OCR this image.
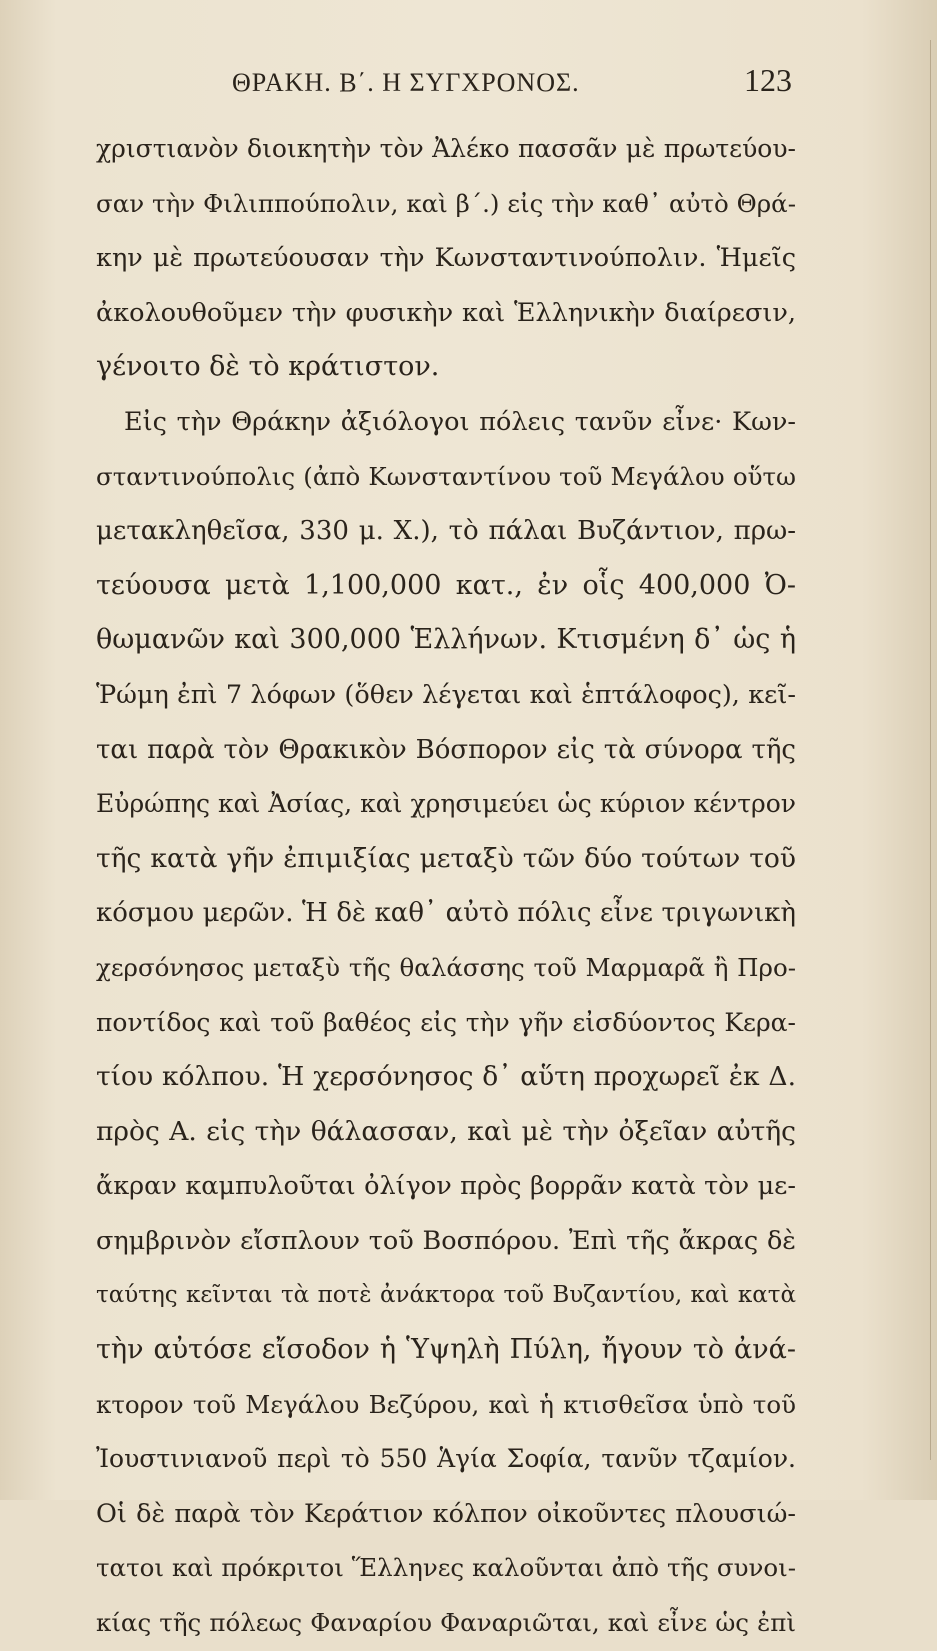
ΘΡΑΚΗ. Β΄. Η ΣΥΓΧΡΟΝΟΣ.	123
χριστιανὸν διοικητὴν τὸν Ἀλέκο πασσᾶν μὲ πρωτεύου-
σαν τὴν Φιλιππούπολιν, καὶ β΄.) εἰς τὴν καθ᾽ αὐτὸ Θρά-
κην μὲ πρωτεύουσαν τὴν Κωνσταντινούπολιν. Ἡμεῖς
ἀκολουθοῦμεν τὴν φυσικὴν καὶ Ἑλληνικὴν διαίρεσιν,
γένοιτο δὲ τὸ κράτιστον.
Εἰς τὴν Θράκην ἀξιόλογοι πόλεις τανῦν εἶνε· Κων-
σταντινούπολις (ἀπὸ Κωνσταντίνου τοῦ Μεγάλου οὕτω
μετακληθεῖσα, 330 μ. Χ.), τὸ πάλαι Βυζάντιον, πρω-
τεύουσα μετὰ 1,100,000 κατ., ἐν οἷς 400,000 Ὀ-
θωμανῶν καὶ 300,000 Ἑλλήνων. Κτισμένη δ᾽ ὡς ἡ
Ῥώμη ἐπὶ 7 λόφων (ὅθεν λέγεται καὶ ἑπτάλοφος), κεῖ-
ται παρὰ τὸν Θρακικὸν Βόσπορον εἰς τὰ σύνορα τῆς
Εὐρώπης καὶ Ἀσίας, καὶ χρησιμεύει ὡς κύριον κέντρον
τῆς κατὰ γῆν ἐπιμιξίας μεταξὺ τῶν δύο τούτων τοῦ
κόσμου μερῶν. Ἡ δὲ καθ᾽ αὐτὸ πόλις εἶνε τριγωνικὴ
χερσόνησος μεταξὺ τῆς θαλάσσης τοῦ Μαρμαρᾶ ἢ Προ-
ποντίδος καὶ τοῦ βαθέος εἰς τὴν γῆν εἰσδύοντος Κερα-
τίου κόλπου. Ἡ χερσόνησος δ᾽ αὕτη προχωρεῖ ἐκ Δ.
πρὸς Α. εἰς τὴν θάλασσαν, καὶ μὲ τὴν ὀξεῖαν αὐτῆς
ἄκραν καμπυλοῦται ὀλίγον πρὸς βορρᾶν κατὰ τὸν με-
σημβρινὸν εἴσπλουν τοῦ Βοσπόρου. Ἐπὶ τῆς ἄκρας δὲ
ταύτης κεῖνται τὰ ποτὲ ἀνάκτορα τοῦ Βυζαντίου, καὶ κατὰ
τὴν αὐτόσε εἴσοδον ἡ Ὑψηλὴ Πύλη, ἤγουν τὸ ἀνά-
κτορον τοῦ Μεγάλου Βεζύρου, καὶ ἡ κτισθεῖσα ὑπὸ τοῦ
Ἰουστινιανοῦ περὶ τὸ 550 Ἁγία Σοφία, τανῦν τζαμίον.
Οἱ δὲ παρὰ τὸν Κεράτιον κόλπον οἰκοῦντες πλουσιώ-
τατοι καὶ πρόκριτοι Ἕλληνες καλοῦνται ἀπὸ τῆς συνοι-
κίας τῆς πόλεως Φαναρίου Φαναριῶται, καὶ εἶνε ὡς ἐπὶ
